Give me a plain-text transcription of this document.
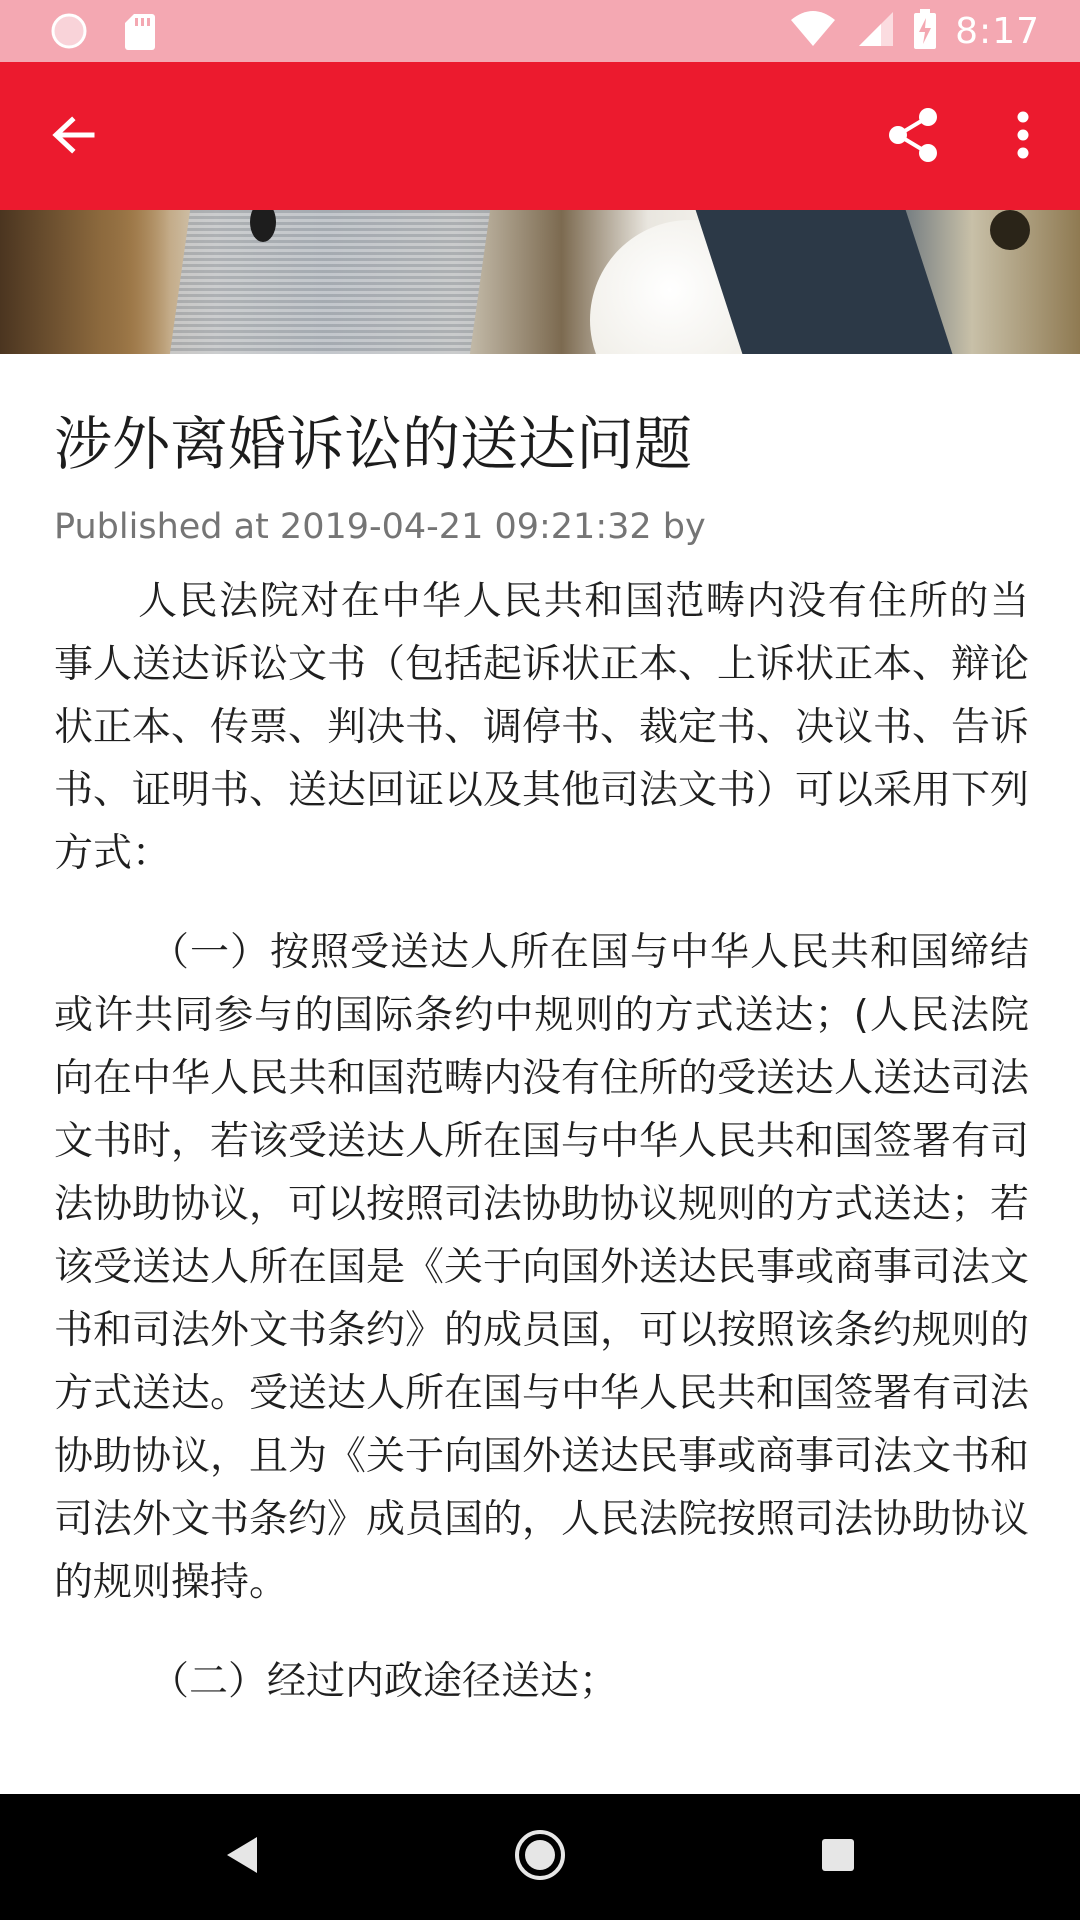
8:17
涉外离婚诉讼的送达问题
Published at 2019-04-21 09:21:32 by

人民法院对在中华人民共和国范畴内没有住所的当事人送达诉讼文书（包括起诉状正本、上诉状正本、辩论状正本、传票、判决书、调停书、裁定书、决议书、告诉书、证明书、送达回证以及其他司法文书）可以采用下列方式：

（一）按照受送达人所在国与中华人民共和国缔结或许共同参与的国际条约中规则的方式送达；(人民法院向在中华人民共和国范畴内没有住所的受送达人送达司法文书时，若该受送达人所在国与中华人民共和国签署有司法协助协议，可以按照司法协助协议规则的方式送达；若该受送达人所在国是《关于向国外送达民事或商事司法文书和司法外文书条约》的成员国，可以按照该条约规则的方式送达。受送达人所在国与中华人民共和国签署有司法协助协议，且为《关于向国外送达民事或商事司法文书和司法外文书条约》成员国的，人民法院按照司法协助协议的规则操持。

（二）经过内政途径送达；
